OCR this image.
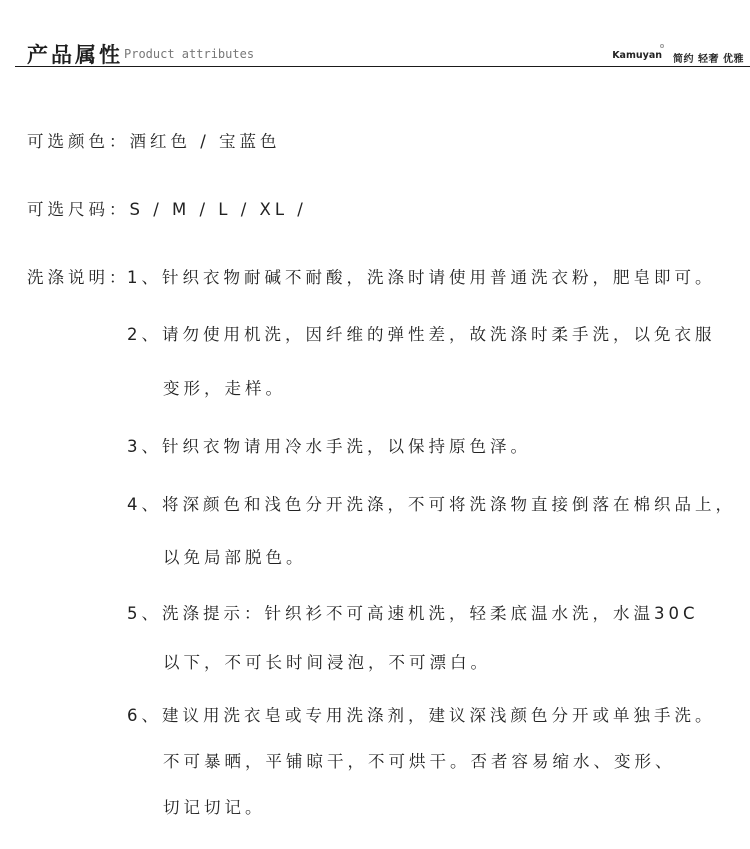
产品属性 Product attributes	Kamuyan 简约 轻奢 优雅
可选颜色：酒红色 / 宝蓝色
可选尺码：S / M / L / XL /
洗涤说明：
1、针织衣物耐碱不耐酸，洗涤时请使用普通洗衣粉，肥皂即可。
2、请勿使用机洗，因纤维的弹性差，故洗涤时柔手洗，以免衣服
变形，走样。
3、针织衣物请用冷水手洗，以保持原色泽。
4、将深颜色和浅色分开洗涤，不可将洗涤物直接倒落在棉织品上，
以免局部脱色。
5、洗涤提示：针织衫不可高速机洗，轻柔底温水洗，水温30C
以下，不可长时间浸泡，不可漂白。
6、建议用洗衣皂或专用洗涤剂，建议深浅颜色分开或单独手洗。
不可暴晒，平铺晾干，不可烘干。否者容易缩水、变形、
切记切记。
